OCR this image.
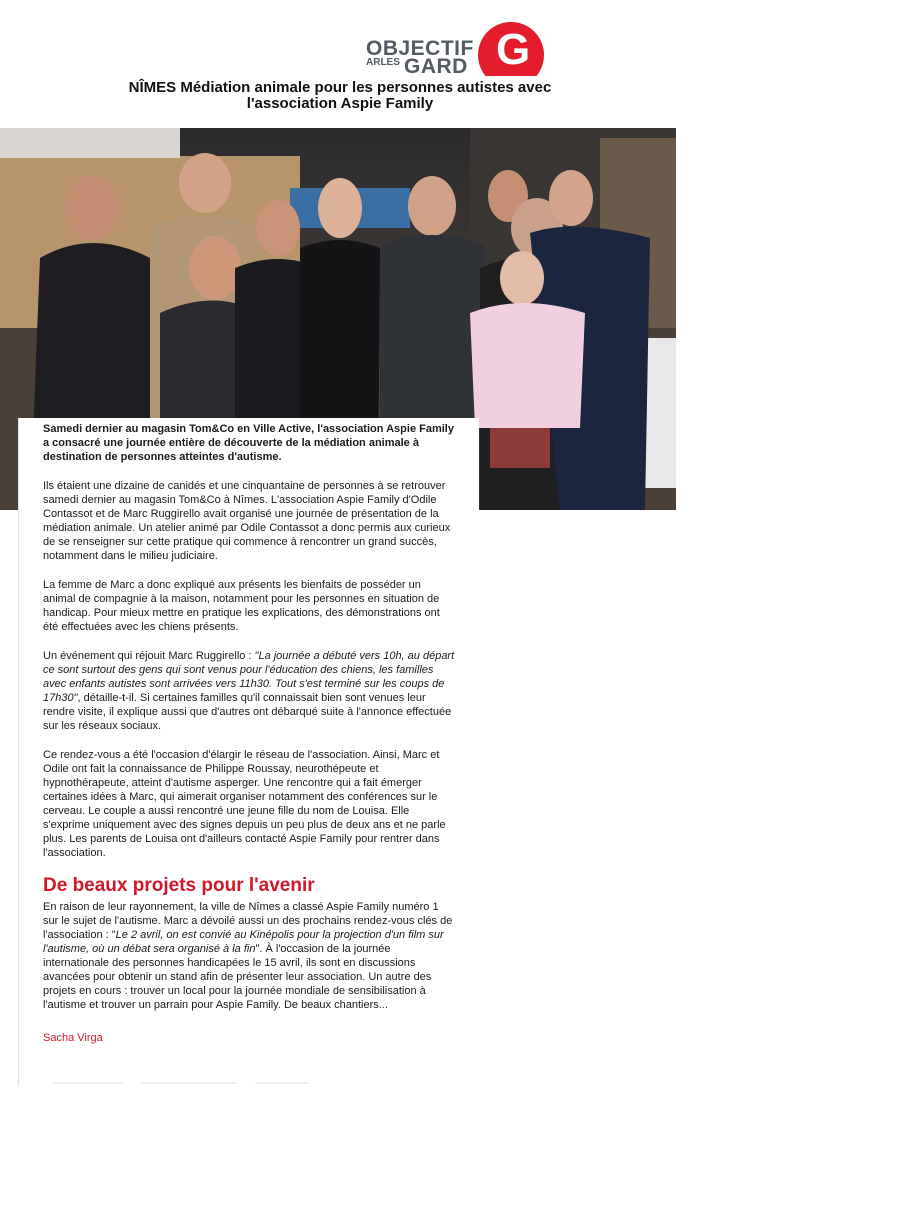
OBJECTIF
ARLES GARD G
NÎMES Médiation animale pour les personnes autistes avec l'association Aspie Family

Samedi dernier au magasin Tom&Co en Ville Active, l'association Aspie Family a consacré une journée entière de découverte de la médiation animale à destination de personnes atteintes d'autisme.

Ils étaient une dizaine de canidés et une cinquantaine de personnes à se retrouver samedi dernier au magasin Tom&Co à Nîmes. L'association Aspie Family d'Odile Contassot et de Marc Ruggirello avait organisé une journée de présentation de la médiation animale. Un atelier animé par Odile Contassot a donc permis aux curieux de se renseigner sur cette pratique qui commence à rencontrer un grand succès, notamment dans le milieu judiciaire.

La femme de Marc a donc expliqué aux présents les bienfaits de posséder un animal de compagnie à la maison, notamment pour les personnes en situation de handicap. Pour mieux mettre en pratique les explications, des démonstrations ont été effectuées avec les chiens présents.

Un événement qui réjouit Marc Ruggirello : "La journée a débuté vers 10h, au départ ce sont surtout des gens qui sont venus pour l'éducation des chiens, les familles avec enfants autistes sont arrivées vers 11h30. Tout s'est terminé sur les coups de 17h30", détaille-t-il. Si certaines familles qu'il connaissait bien sont venues leur rendre visite, il explique aussi que d'autres ont débarqué suite à l'annonce effectuée sur les réseaux sociaux.

Ce rendez-vous a été l'occasion d'élargir le réseau de l'association. Ainsi, Marc et Odile ont fait la connaissance de Philippe Roussay, neurothépeute et hypnothérapeute, atteint d'autisme asperger. Une rencontre qui a fait émerger certaines idées à Marc, qui aimerait organiser notamment des conférences sur le cerveau. Le couple a aussi rencontré une jeune fille du nom de Louisa. Elle s'exprime uniquement avec des signes depuis un peu plus de deux ans et ne parle plus. Les parents de Louisa ont d'ailleurs contacté Aspie Family pour rentrer dans l'association.

De beaux projets pour l'avenir

En raison de leur rayonnement, la ville de Nîmes a classé Aspie Family numéro 1 sur le sujet de l'autisme. Marc a dévoilé aussi un des prochains rendez-vous clés de l'association : "Le 2 avril, on est convié au Kinépolis pour la projection d'un film sur l'autisme, où un débat sera organisé à la fin". À l'occasion de la journée internationale des personnes handicapées le 15 avril, ils sont en discussions avancées pour obtenir un stand afin de présenter leur association. Un autre des projets en cours : trouver un local pour la journée mondiale de sensibilisation à l'autisme et trouver un parrain pour Aspie Family. De beaux chantiers...

Sacha Virga
